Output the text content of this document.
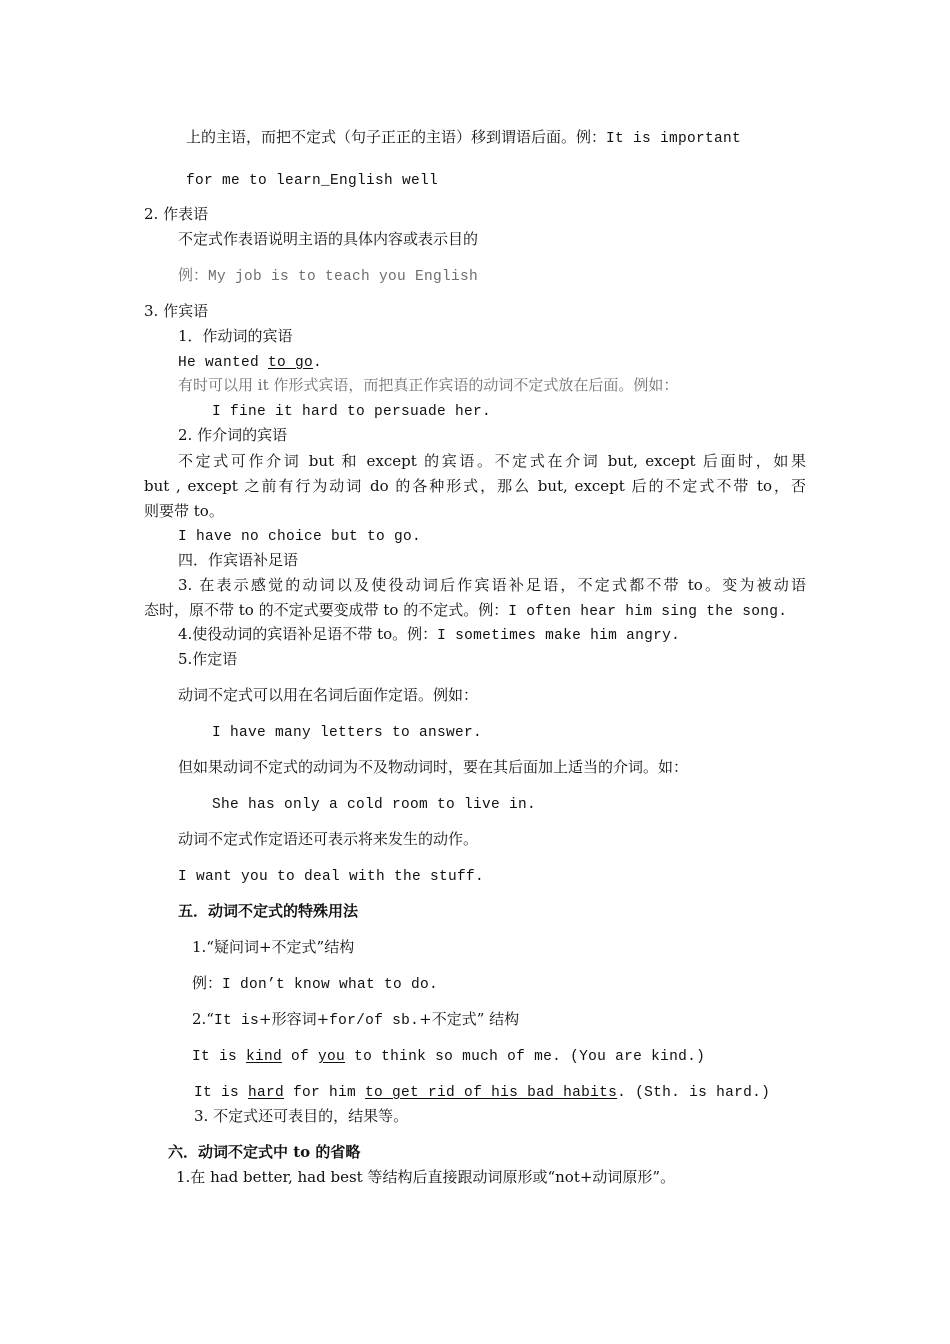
上的主语，而把不定式（句子正正的主语）移到谓语后面。例：It is important
for me to learn_English well
2. 作表语
不定式作表语说明主语的具体内容或表示目的
例：My job is to teach you English
3. 作宾语
1．作动词的宾语
He wanted to go.
有时可以用 it 作形式宾语，而把真正作宾语的动词不定式放在后面。例如：
I fine it hard to persuade her.
2. 作介词的宾语
不定式可作介词 but 和 except 的宾语。不定式在介词 but, except 后面时，如果
but , except 之前有行为动词 do 的各种形式，那么 but, except 后的不定式不带 to，否
则要带 to。
I have no choice but to go.
四．作宾语补足语
3. 在表示感觉的动词以及使役动词后作宾语补足语，不定式都不带 to。变为被动语
态时，原不带 to 的不定式要变成带 to 的不定式。例：I often hear him sing the song.
4.使役动词的宾语补足语不带 to。例：I sometimes make him angry.
5.作定语
动词不定式可以用在名词后面作定语。例如：
I have many letters to answer.
但如果动词不定式的动词为不及物动词时，要在其后面加上适当的介词。如：
She has only a cold room to live in.
动词不定式作定语还可表示将来发生的动作。
I want you to deal with the stuff.
五．动词不定式的特殊用法
1.“疑问词+不定式”结构
例：I don’t know what to do.
2.“It is+形容词+for/of sb.+不定式” 结构
It is kind of you to think so much of me. (You are kind.)
It is hard for him to get rid of his bad habits. (Sth. is hard.)
3. 不定式还可表目的，结果等。
六．动词不定式中 to 的省略
1.在 had better, had best 等结构后直接跟动词原形或“not+动词原形”。
